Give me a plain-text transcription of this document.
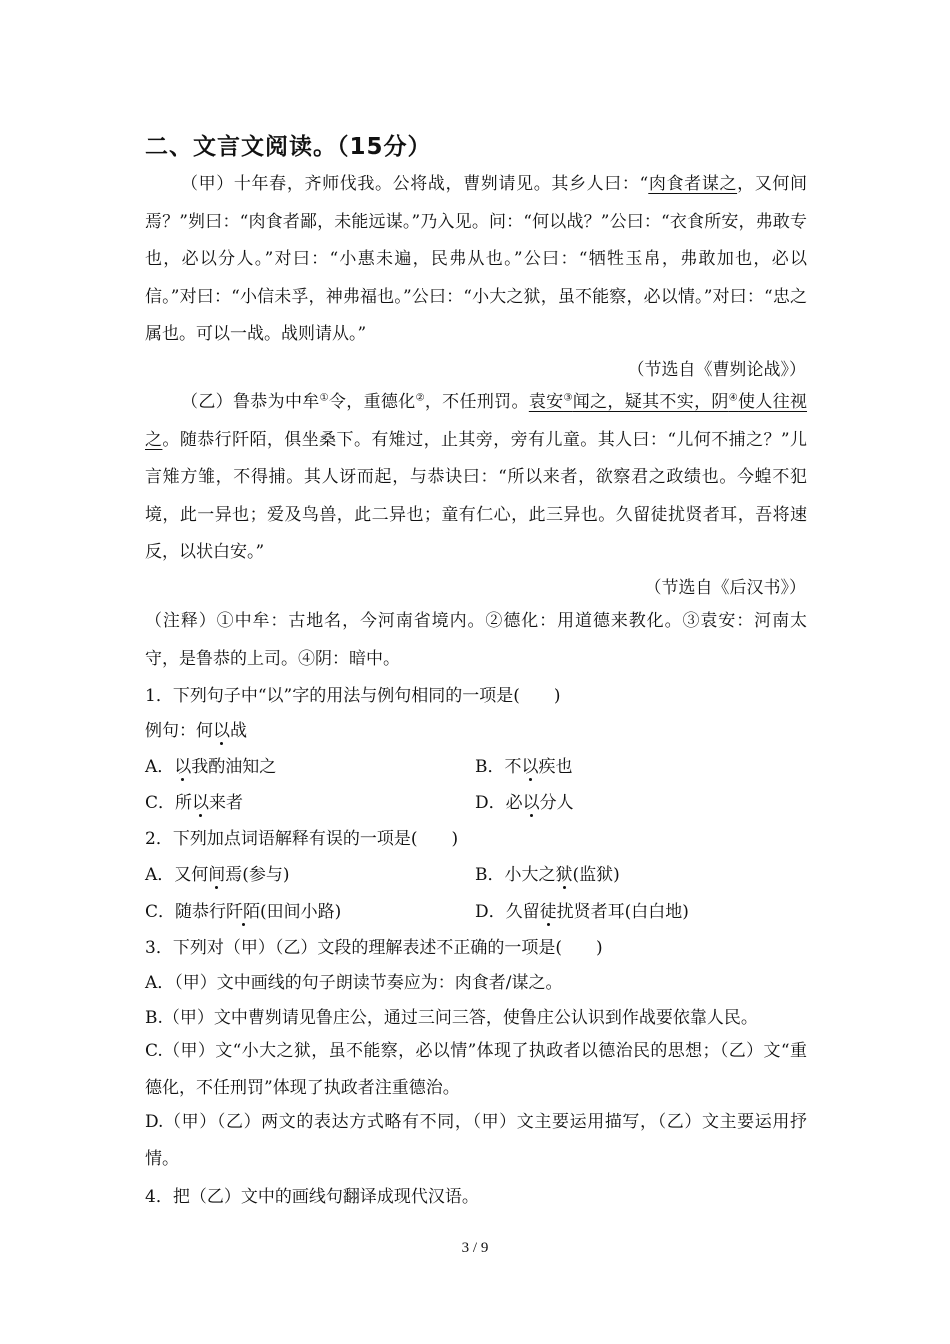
二、文言文阅读。（15分）
（甲）十年春，齐师伐我。公将战，曹刿请见。其乡人曰：“肉食者谋之，又何间焉？”刿曰：“肉食者鄙，未能远谋。”乃入见。问：“何以战？”公曰：“衣食所安，弗敢专也，必以分人。”对曰：“小惠未遍，民弗从也。”公曰：“牺牲玉帛，弗敢加也，必以信。”对曰：“小信未孚，神弗福也。”公曰：“小大之狱，虽不能察，必以情。”对曰：“忠之属也。可以一战。战则请从。”
（节选自《曹刿论战》）
（乙）鲁恭为中牟①令，重德化②，不任刑罚。袁安③闻之，疑其不实，阴④使人往视之。随恭行阡陌，俱坐桑下。有雉过，止其旁，旁有儿童。其人曰：“儿何不捕之？”儿言雉方雏，不得捕。其人讶而起，与恭诀曰：“所以来者，欲察君之政绩也。今蝗不犯境，此一异也；爱及鸟兽，此二异也；童有仁心，此三异也。久留徒扰贤者耳，吾将速反，以状白安。”
（节选自《后汉书》）
（注释）①中牟：古地名，今河南省境内。②德化：用道德来教化。③袁安：河南太守，是鲁恭的上司。④阴：暗中。
1．下列句子中“以”字的用法与例句相同的一项是(　　)
例句：何以战
A．以我酌油知之	B．不以疾也
C．所以来者	D．必以分人
2．下列加点词语解释有误的一项是(　　)
A．又何间焉(参与)	B．小大之狱(监狱)
C．随恭行阡陌(田间小路)	D．久留徒扰贤者耳(白白地)
3．下列对（甲）（乙）文段的理解表述不正确的一项是(　　)
A．（甲）文中画线的句子朗读节奏应为：肉食者/谋之。
B.（甲）文中曹刿请见鲁庄公，通过三问三答，使鲁庄公认识到作战要依靠人民。
C.（甲）文“小大之狱，虽不能察，必以情”体现了执政者以德治民的思想；（乙）文“重德化，不任刑罚”体现了执政者注重德治。
D.（甲）（乙）两文的表达方式略有不同，（甲）文主要运用描写，（乙）文主要运用抒情。
4．把（乙）文中的画线句翻译成现代汉语。
3 / 9
